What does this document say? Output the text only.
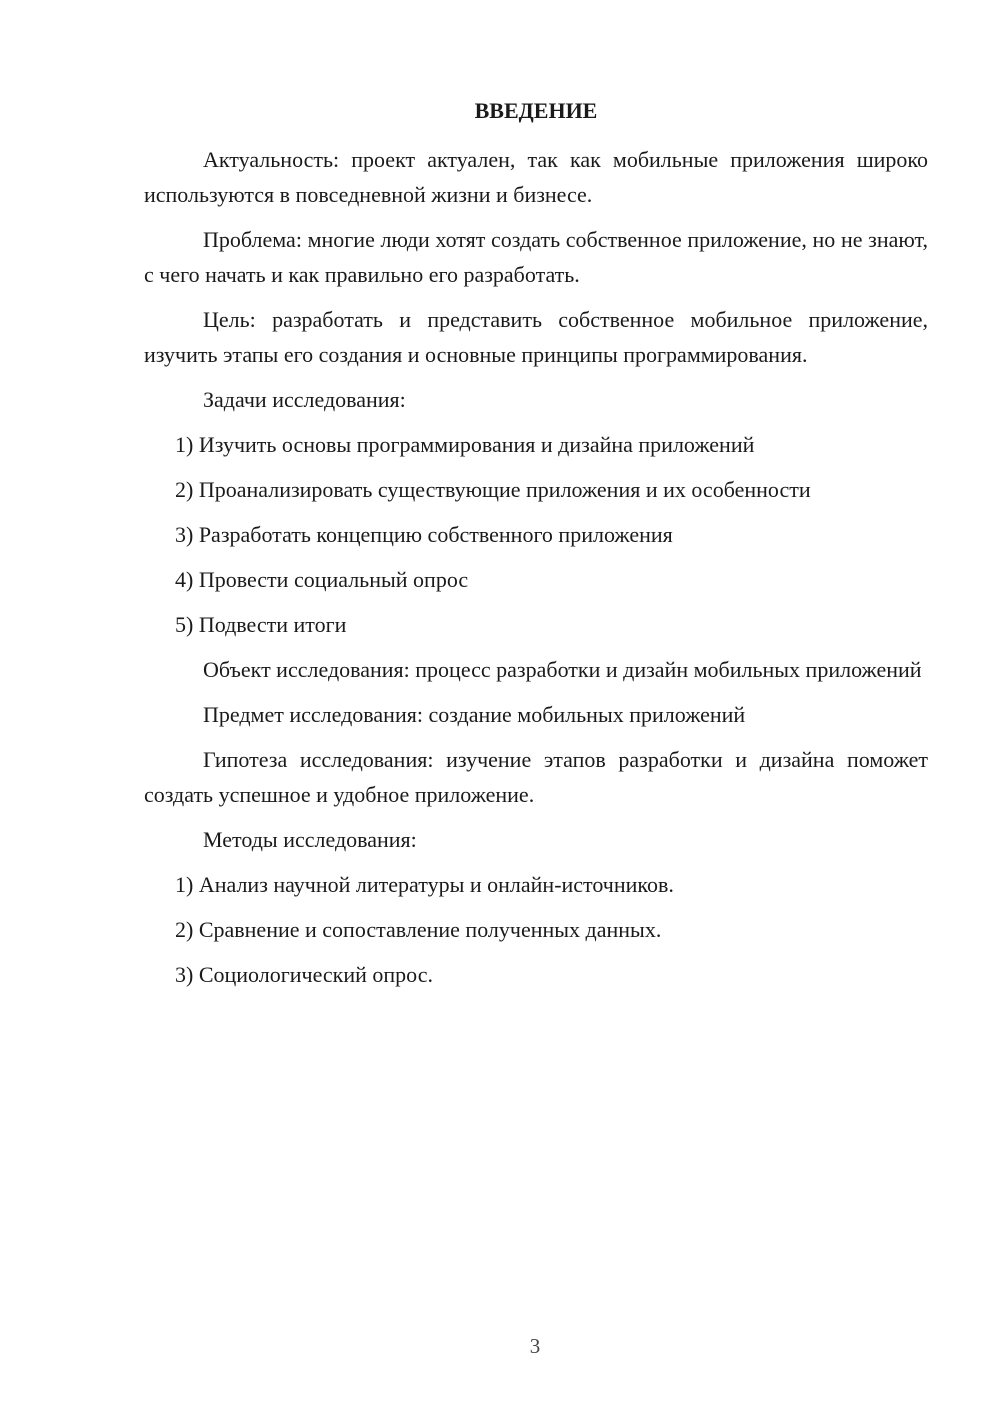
ВВЕДЕНИЕ

Актуальность: проект актуален, так как мобильные приложения широко используются в повседневной жизни и бизнесе.

Проблема: многие люди хотят создать собственное приложение, но не знают, с чего начать и как правильно его разработать.

Цель: разработать и представить собственное мобильное приложение, изучить этапы его создания и основные принципы программирования.

Задачи исследования:

1) Изучить основы программирования и дизайна приложений
2) Проанализировать существующие приложения и их особенности
3) Разработать концепцию собственного приложения
4) Провести социальный опрос
5) Подвести итоги

Объект исследования: процесс разработки и дизайн мобильных приложений

Предмет исследования: создание мобильных приложений

Гипотеза исследования: изучение этапов разработки и дизайна поможет создать успешное и удобное приложение.

Методы исследования:

1) Анализ научной литературы и онлайн-источников.
2) Сравнение и сопоставление полученных данных.
3) Социологический опрос.
3
